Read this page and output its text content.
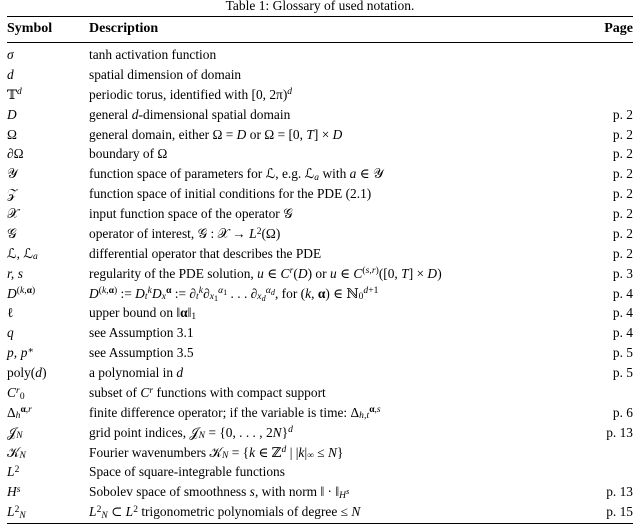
Table 1: Glossary of used notation.
Symbol	Description	Page
σ	tanh activation function	
d	spatial dimension of domain	
𝕋$^d$	periodic torus, identified with [0, 2π)$^d$	
D	general d-dimensional spatial domain	p. 2
Ω	general domain, either Ω = D or Ω = [0, T] × D	p. 2
∂Ω	boundary of Ω	p. 2
𝒴	function space of parameters for ℒ, e.g. ℒ$_a$ with a ∈ 𝒴	p. 2
𝒵	function space of initial conditions for the PDE (2.1)	p. 2
𝒳	input function space of the operator 𝒢	p. 2
𝒢	operator of interest, 𝒢 : 𝒳 → $L^2(\Omega)$	p. 2
ℒ, ℒ$_a$	differential operator that describes the PDE	p. 2
r, s	regularity of the PDE solution, u ∈ $C^r(D)$ or u ∈ C$^{(s,r)}$([0, T] × D)	p. 3
$D^{(k,\alpha)}$	$D^{(k,\alpha)}$ := $D_t^kD_x^\alpha$ := $\partial_t^k\partial_{x_1}^{\alpha_1}$ . . . $\partial_{x_d}^{\alpha_d}$, for (k, α) ∈ ℕ$_0^{d+1}$	p. 4
ℓ	upper bound on $‖\alpha‖_1$	p. 4
q	see Assumption 3.1	p. 4
p, p∗	see Assumption 3.5	p. 5
poly(d)	a polynomial in d	p. 5
$C^r_0$	subset of $C^r$ functions with compact support	
$\Delta_h^{\alpha,r}$	finite difference operator; if the variable is time: $\Delta_{h,t}^{\alpha,s}$	p. 6
𝒥$_N$	grid point indices, 𝒥$_N$ = {0, . . . , 2N}$^d$	p. 13
𝒦$_N$	Fourier wavenumbers 𝒦$_N$ = {k ∈ ℤ$^d$ | $|k|_\infty \le N$}	
$L^2$	Space of square-integrable functions	
$H^s$	Sobolev space of smoothness s, with norm ‖ · $‖_{H^s}$	p. 13
$L^2_N$	$L^2_N$ ⊂ $L^2$ trigonometric polynomials of degree ≤ N	p. 15
